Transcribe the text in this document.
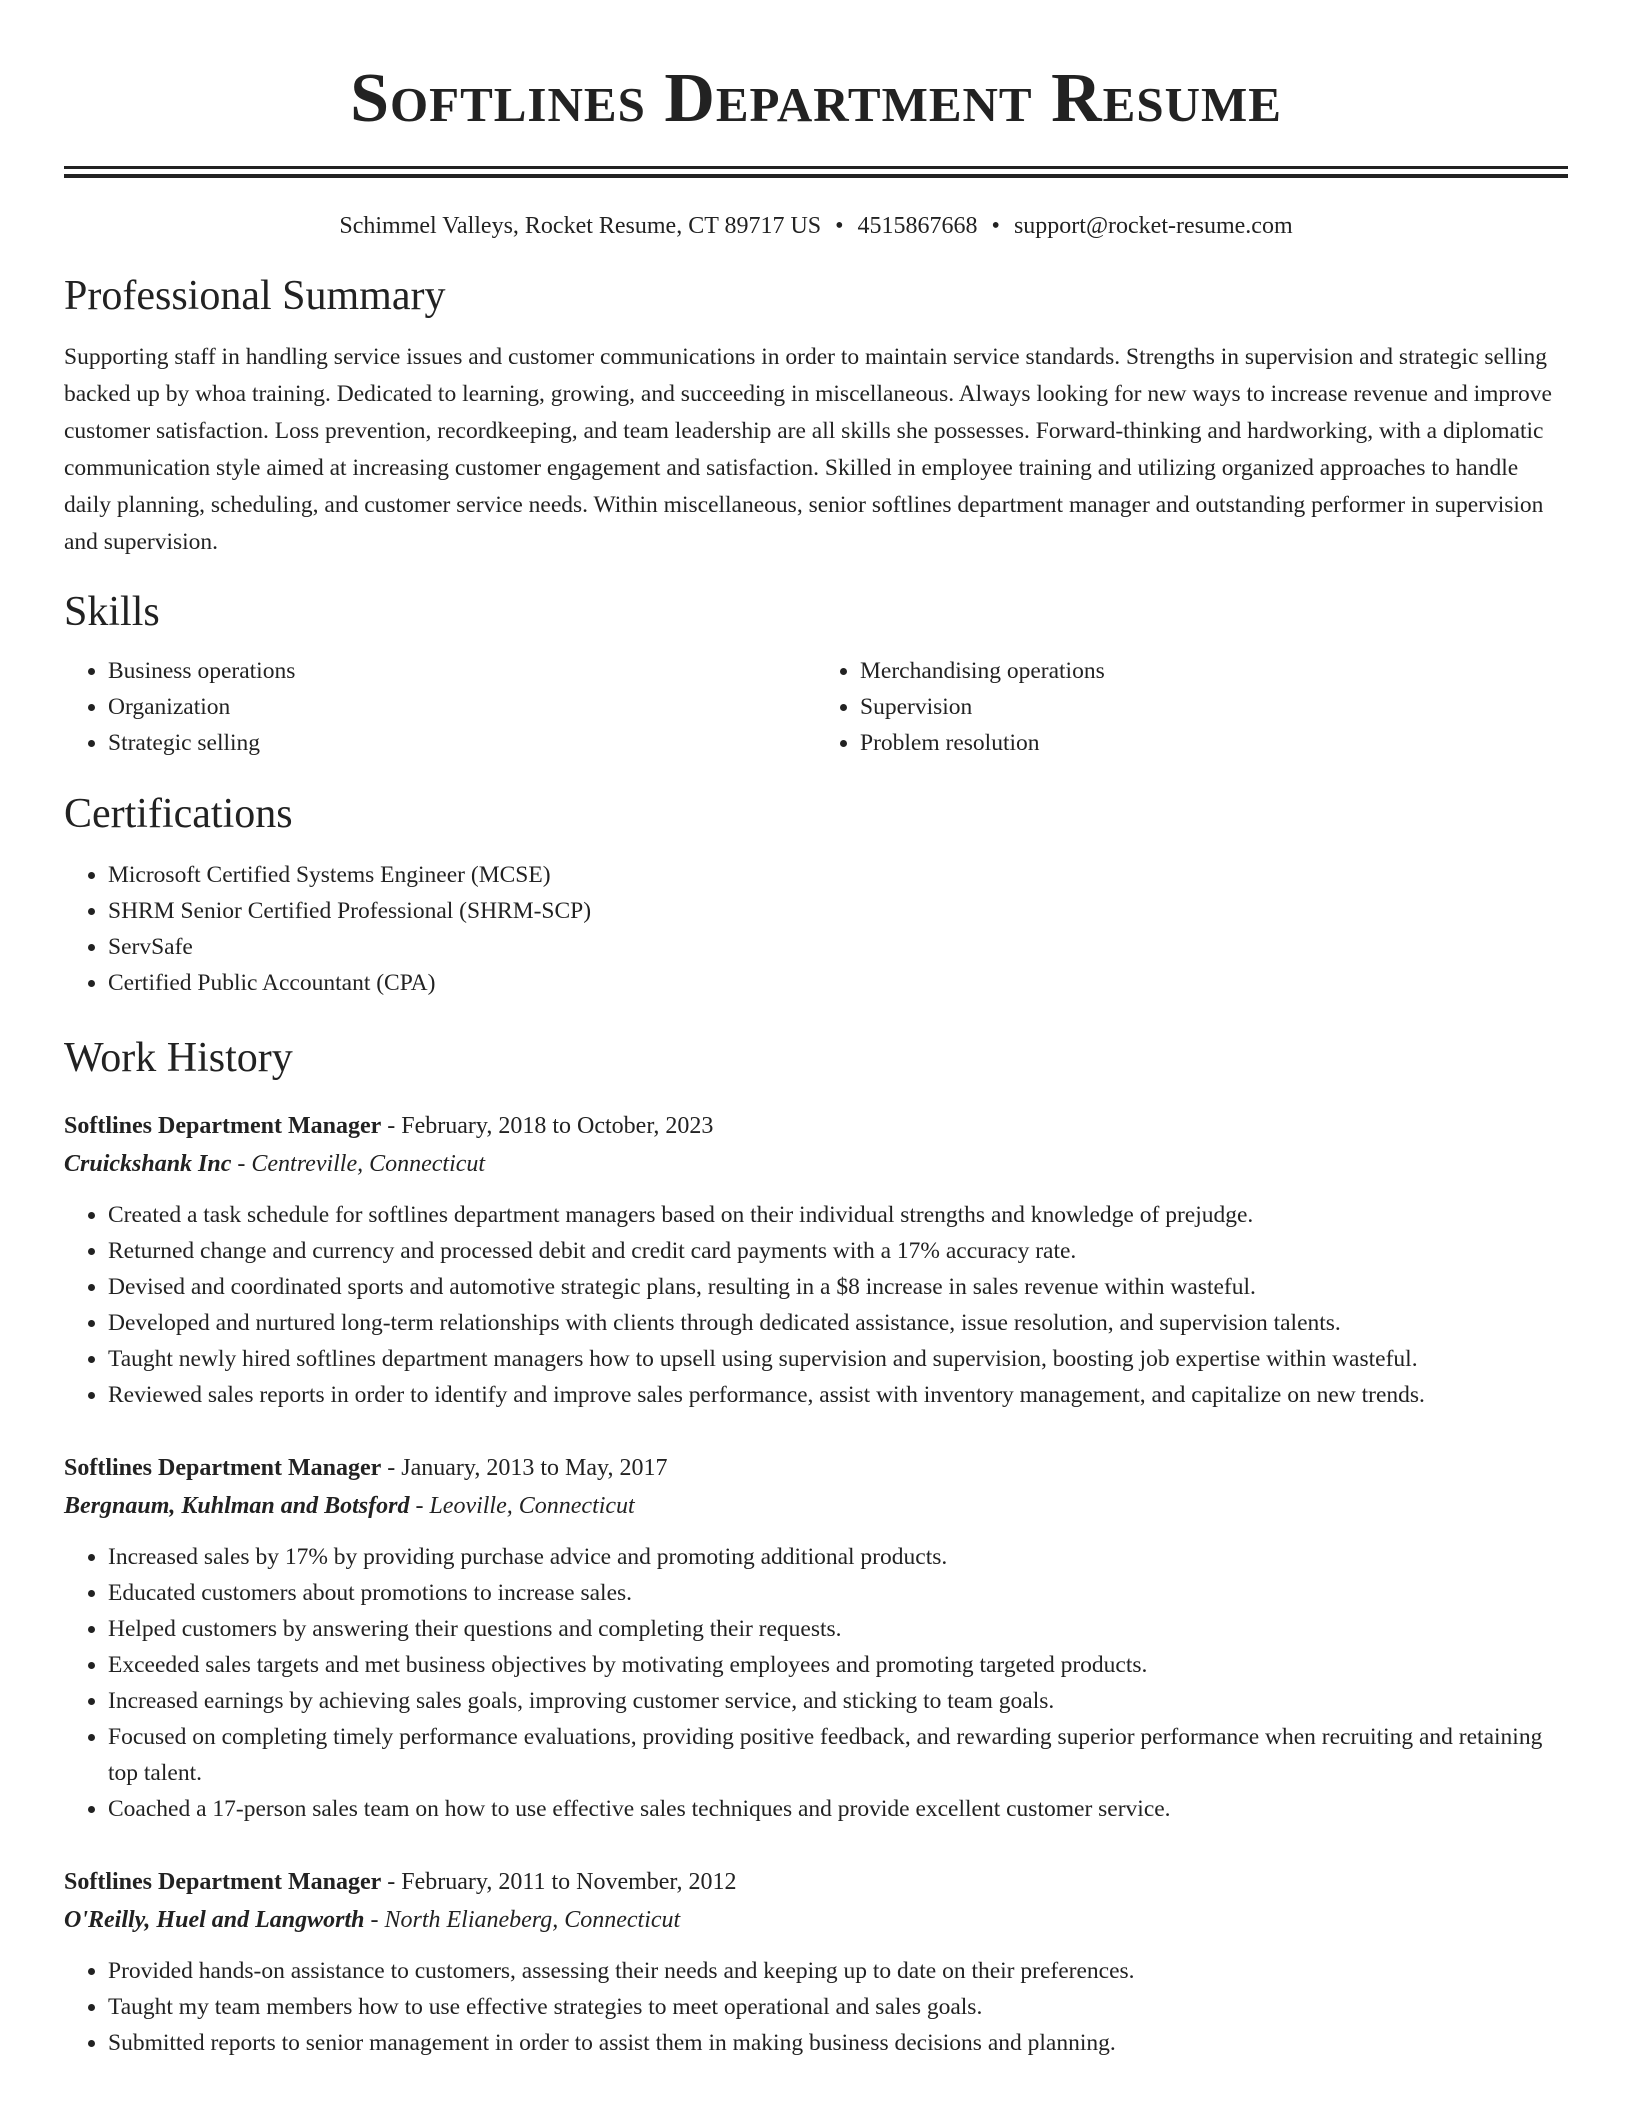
Softlines Department Resume
Schimmel Valleys, Rocket Resume, CT 89717 US • 4515867668 • support@rocket-resume.com
Professional Summary
Supporting staff in handling service issues and customer communications in order to maintain service standards. Strengths in supervision and strategic selling backed up by whoa training. Dedicated to learning, growing, and succeeding in miscellaneous. Always looking for new ways to increase revenue and improve customer satisfaction. Loss prevention, recordkeeping, and team leadership are all skills she possesses. Forward-thinking and hardworking, with a diplomatic communication style aimed at increasing customer engagement and satisfaction. Skilled in employee training and utilizing organized approaches to handle daily planning, scheduling, and customer service needs. Within miscellaneous, senior softlines department manager and outstanding performer in supervision and supervision.
Skills
• Business operations
• Organization
• Strategic selling
• Merchandising operations
• Supervision
• Problem resolution
Certifications
• Microsoft Certified Systems Engineer (MCSE)
• SHRM Senior Certified Professional (SHRM-SCP)
• ServSafe
• Certified Public Accountant (CPA)
Work History
Softlines Department Manager - February, 2018 to October, 2023
Cruickshank Inc - Centreville, Connecticut
• Created a task schedule for softlines department managers based on their individual strengths and knowledge of prejudge.
• Returned change and currency and processed debit and credit card payments with a 17% accuracy rate.
• Devised and coordinated sports and automotive strategic plans, resulting in a $8 increase in sales revenue within wasteful.
• Developed and nurtured long-term relationships with clients through dedicated assistance, issue resolution, and supervision talents.
• Taught newly hired softlines department managers how to upsell using supervision and supervision, boosting job expertise within wasteful.
• Reviewed sales reports in order to identify and improve sales performance, assist with inventory management, and capitalize on new trends.
Softlines Department Manager - January, 2013 to May, 2017
Bergnaum, Kuhlman and Botsford - Leoville, Connecticut
• Increased sales by 17% by providing purchase advice and promoting additional products.
• Educated customers about promotions to increase sales.
• Helped customers by answering their questions and completing their requests.
• Exceeded sales targets and met business objectives by motivating employees and promoting targeted products.
• Increased earnings by achieving sales goals, improving customer service, and sticking to team goals.
• Focused on completing timely performance evaluations, providing positive feedback, and rewarding superior performance when recruiting and retaining top talent.
• Coached a 17-person sales team on how to use effective sales techniques and provide excellent customer service.
Softlines Department Manager - February, 2011 to November, 2012
O'Reilly, Huel and Langworth - North Elianeberg, Connecticut
• Provided hands-on assistance to customers, assessing their needs and keeping up to date on their preferences.
• Taught my team members how to use effective strategies to meet operational and sales goals.
• Submitted reports to senior management in order to assist them in making business decisions and planning.
